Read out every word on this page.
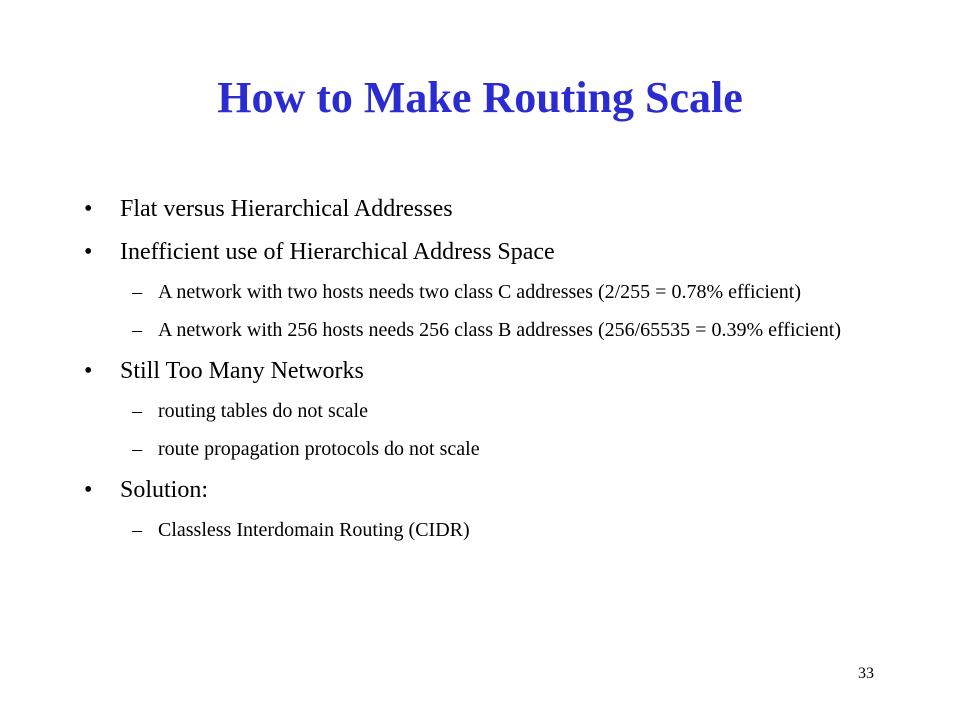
How to Make Routing Scale
• Flat versus Hierarchical Addresses
• Inefficient use of Hierarchical Address Space
– A network with two hosts needs two class C addresses (2/255 = 0.78% efficient)
– A network with 256 hosts needs 256 class B addresses (256/65535 = 0.39% efficient)
• Still Too Many Networks
– routing tables do not scale
– route propagation protocols do not scale
• Solution:
– Classless Interdomain Routing (CIDR)
33
